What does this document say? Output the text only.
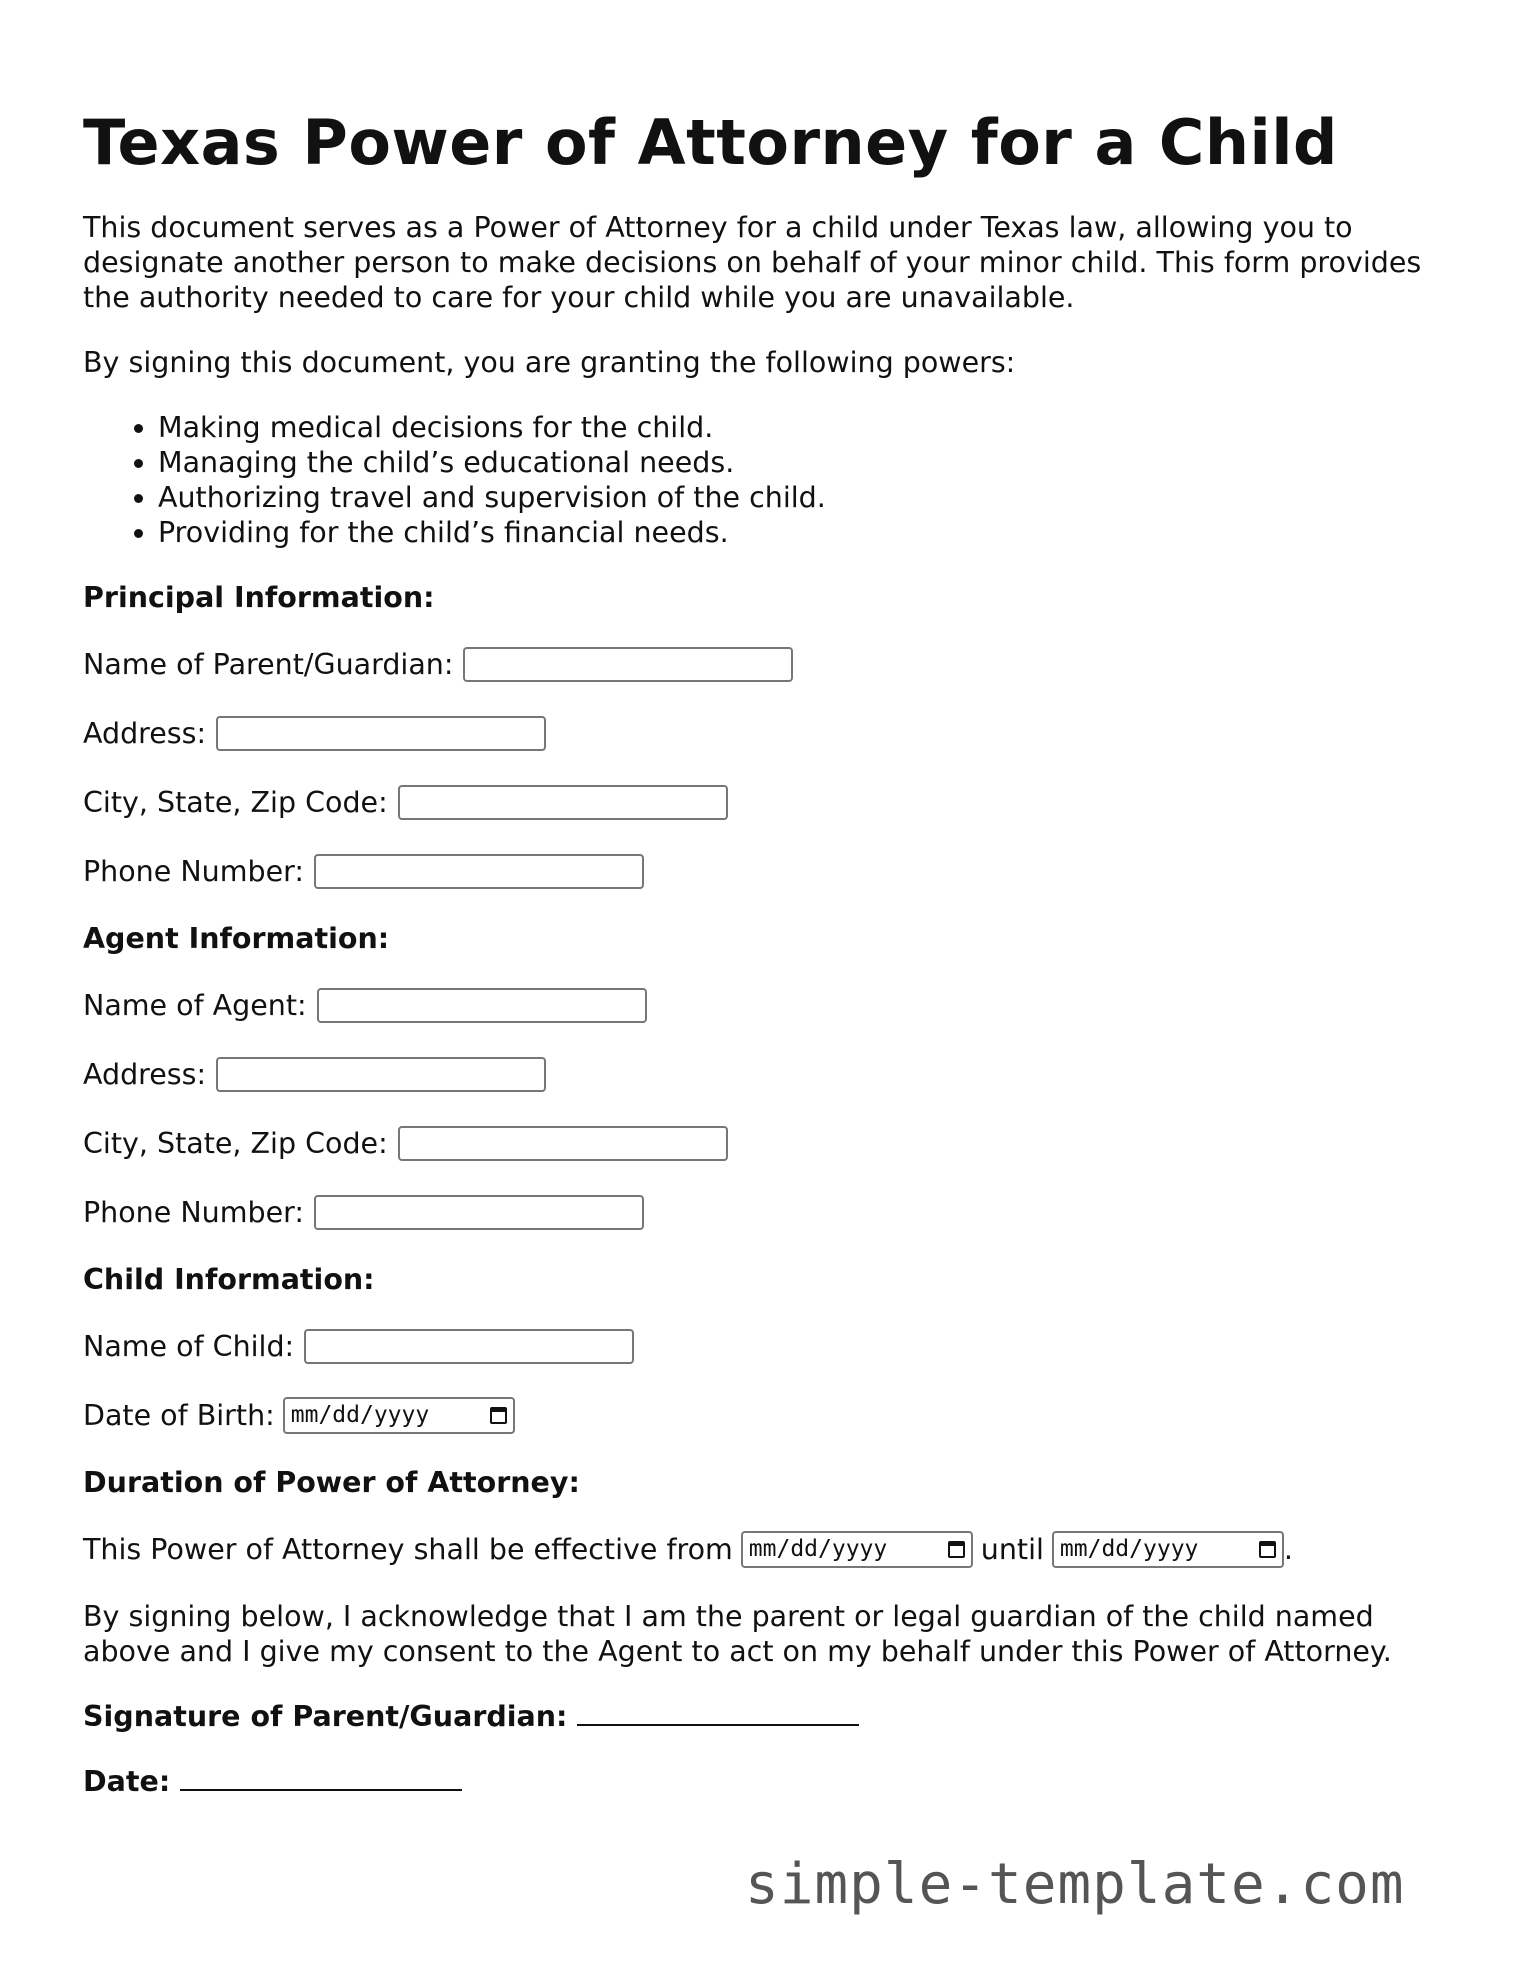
Texas Power of Attorney for a Child

This document serves as a Power of Attorney for a child under Texas law, allowing you to designate another person to make decisions on behalf of your minor child. This form provides the authority needed to care for your child while you are unavailable.

By signing this document, you are granting the following powers:

• Making medical decisions for the child.
• Managing the child’s educational needs.
• Authorizing travel and supervision of the child.
• Providing for the child’s financial needs.
Principal Information:
Name of Parent/Guardian:
Address:
City, State, Zip Code:
Phone Number:
Agent Information:
Name of Agent:
Address:
City, State, Zip Code:
Phone Number:
Child Information:
Name of Child:
Date of Birth: mm/dd/yyyy
Duration of Power of Attorney:
This Power of Attorney shall be effective from mm/dd/yyyy	until mm/dd/yyyy	.

By signing below, I acknowledge that I am the parent or legal guardian of the child named above and I give my consent to the Agent to act on my behalf under this Power of Attorney.

Signature of Parent/Guardian:
Date:
simple-template.com
